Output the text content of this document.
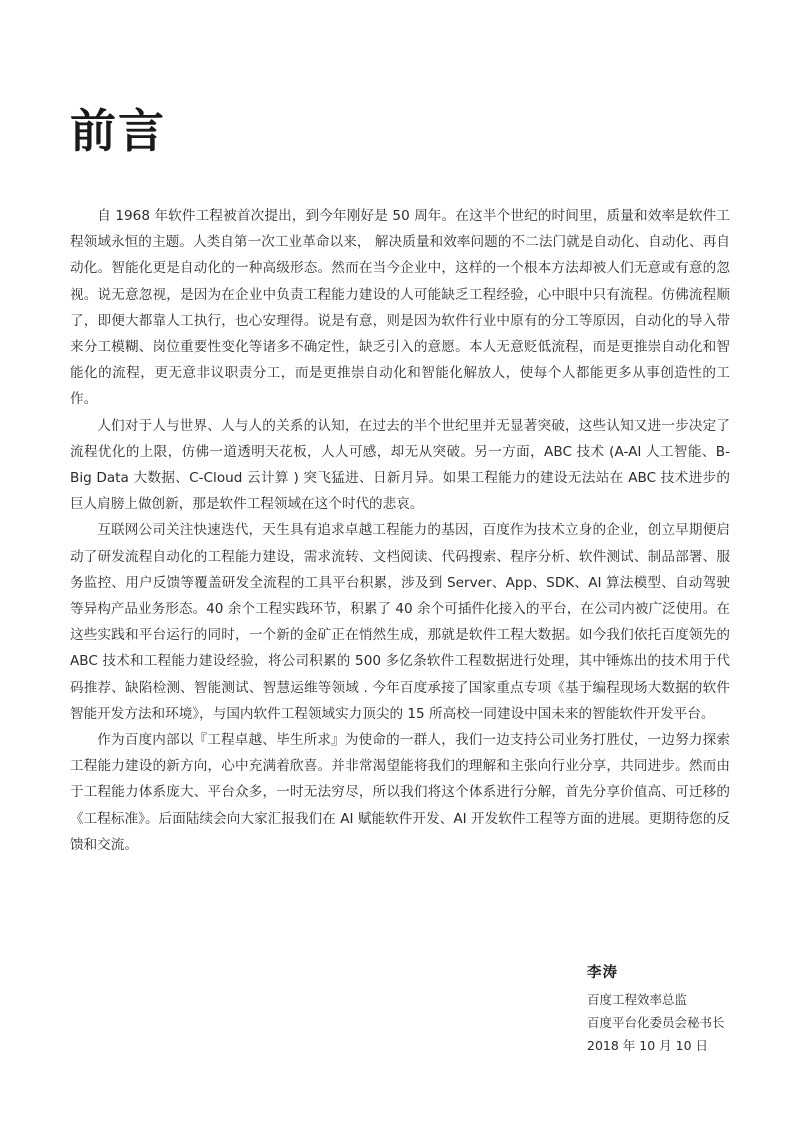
前言

自 1968 年软件工程被首次提出，到今年刚好是 50 周年。在这半个世纪的时间里，质量和效率是软件工程领域永恒的主题。人类自第一次工业革命以来， 解决质量和效率问题的不二法门就是自动化、自动化、再自动化。智能化更是自动化的一种高级形态。然而在当今企业中，这样的一个根本方法却被人们无意或有意的忽视。说无意忽视，是因为在企业中负责工程能力建设的人可能缺乏工程经验，心中眼中只有流程。仿佛流程顺了，即便大都靠人工执行，也心安理得。说是有意，则是因为软件行业中原有的分工等原因，自动化的导入带来分工模糊、岗位重要性变化等诸多不确定性，缺乏引入的意愿。本人无意贬低流程，而是更推崇自动化和智能化的流程，更无意非议职责分工，而是更推崇自动化和智能化解放人，使每个人都能更多从事创造性的工作。

人们对于人与世界、人与人的关系的认知，在过去的半个世纪里并无显著突破，这些认知又进一步决定了流程优化的上限，仿佛一道透明天花板，人人可感，却无从突破。另一方面，ABC 技术 (A-AI 人工智能、B-Big Data 大数据、C-Cloud 云计算 ) 突飞猛进、日新月异。如果工程能力的建设无法站在 ABC 技术进步的巨人肩膀上做创新，那是软件工程领域在这个时代的悲哀。

互联网公司关注快速迭代，天生具有追求卓越工程能力的基因，百度作为技术立身的企业，创立早期便启动了研发流程自动化的工程能力建设，需求流转、文档阅读、代码搜索、程序分析、软件测试、制品部署、服务监控、用户反馈等覆盖研发全流程的工具平台积累，涉及到 Server、App、SDK、AI 算法模型、自动驾驶等异构产品业务形态。40 余个工程实践环节，积累了 40 余个可插件化接入的平台，在公司内被广泛使用。在这些实践和平台运行的同时，一个新的金矿正在悄然生成，那就是软件工程大数据。如今我们依托百度领先的 ABC 技术和工程能力建设经验，将公司积累的 500 多亿条软件工程数据进行处理，其中锤炼出的技术用于代码推荐、缺陷检测、智能测试、智慧运维等领域 . 今年百度承接了国家重点专项《基于编程现场大数据的软件智能开发方法和环境》，与国内软件工程领域实力顶尖的 15 所高校一同建设中国未来的智能软件开发平台。

作为百度内部以『工程卓越、毕生所求』为使命的一群人，我们一边支持公司业务打胜仗，一边努力探索工程能力建设的新方向，心中充满着欣喜。并非常渴望能将我们的理解和主张向行业分享，共同进步。然而由于工程能力体系庞大、平台众多，一时无法穷尽，所以我们将这个体系进行分解，首先分享价值高、可迁移的《工程标准》。后面陆续会向大家汇报我们在 AI 赋能软件开发、AI 开发软件工程等方面的进展。更期待您的反馈和交流。

李涛
百度工程效率总监
百度平台化委员会秘书长
2018 年 10 月 10 日
